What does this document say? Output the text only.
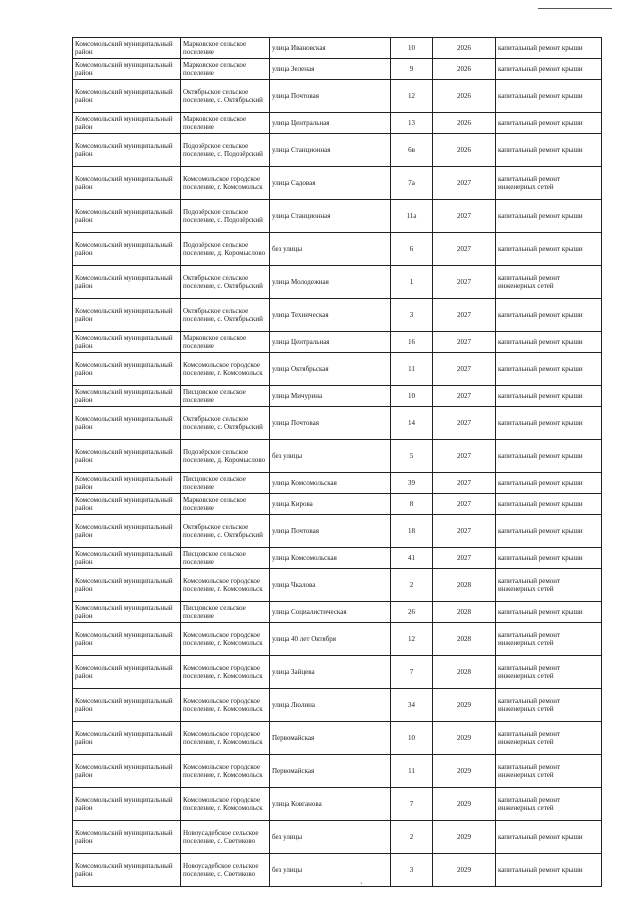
Комсомольский муниципальный район	Марковское сельское поселение	улица Ивановская	10	2026	капитальный ремонт крыши
Комсомольский муниципальный район	Марковское сельское поселение	улица Зеленая	9	2026	капитальный ремонт крыши
Комсомольский муниципальный район	Октябрьское сельское поселение, с. Октябрьский	улица Почтовая	12	2026	капитальный ремонт крыши
Комсомольский муниципальный район	Марковское сельское поселение	улица Центральная	13	2026	капитальный ремонт крыши
Комсомольский муниципальный район	Подозёрское сельское поселение, с. Подозёрский	улица Станционная	6в	2026	капитальный ремонт крыши
Комсомольский муниципальный район	Комсомольское городское поселение, г. Комсомольск	улица Садовая	7а	2027	капитальный ремонт инженерных сетей
Комсомольский муниципальный район	Подозёрское сельское поселение, с. Подозёрский	улица Станционная	11а	2027	капитальный ремонт крыши
Комсомольский муниципальный район	Подозёрское сельское поселение, д. Коромыслово	без улицы	6	2027	капитальный ремонт крыши
Комсомольский муниципальный район	Октябрьское сельское поселение, с. Октябрьский	улица Молодежная	1	2027	капитальный ремонт инженерных сетей
Комсомольский муниципальный район	Октябрьское сельское поселение, с. Октябрьский	улица Техническая	3	2027	капитальный ремонт крыши
Комсомольский муниципальный район	Марковское сельское поселение	улица Центральная	16	2027	капитальный ремонт крыши
Комсомольский муниципальный район	Комсомольское городское поселение, г. Комсомольск	улица Октябрьская	11	2027	капитальный ремонт крыши
Комсомольский муниципальный район	Писцовское сельское поселение	улица Мичурина	10	2027	капитальный ремонт крыши
Комсомольский муниципальный район	Октябрьское сельское поселение, с. Октябрьский	улица Почтовая	14	2027	капитальный ремонт крыши
Комсомольский муниципальный район	Подозёрское сельское поселение, д. Коромыслово	без улицы	5	2027	капитальный ремонт крыши
Комсомольский муниципальный район	Писцовское сельское поселение	улица Комсомольская	39	2027	капитальный ремонт крыши
Комсомольский муниципальный район	Марковское сельское поселение	улица Кирова	8	2027	капитальный ремонт крыши
Комсомольский муниципальный район	Октябрьское сельское поселение, с. Октябрьский	улица Почтовая	18	2027	капитальный ремонт крыши
Комсомольский муниципальный район	Писцовское сельское поселение	улица Комсомольская	41	2027	капитальный ремонт крыши
Комсомольский муниципальный район	Комсомольское городское поселение, г. Комсомольск	улица Чкалова	2	2028	капитальный ремонт инженерных сетей
Комсомольский муниципальный район	Писцовское сельское поселение	улица Социалистическая	26	2028	капитальный ремонт крыши
Комсомольский муниципальный район	Комсомольское городское поселение, г. Комсомольск	улица 40 лет Октября	12	2028	капитальный ремонт инженерных сетей
Комсомольский муниципальный район	Комсомольское городское поселение, г. Комсомольск	улица Зайцева	7	2028	капитальный ремонт инженерных сетей
Комсомольский муниципальный район	Комсомольское городское поселение, г. Комсомольск	улица Люлина	34	2029	капитальный ремонт инженерных сетей
Комсомольский муниципальный район	Комсомольское городское поселение, г. Комсомольск	Первомайская	10	2029	капитальный ремонт инженерных сетей
Комсомольский муниципальный район	Комсомольское городское поселение, г. Комсомольск	Первомайская	11	2029	капитальный ремонт инженерных сетей
Комсомольский муниципальный район	Комсомольское городское поселение, г. Комсомольск	улица Ковганова	7	2029	капитальный ремонт инженерных сетей
Комсомольский муниципальный район	Новоусадебское сельское поселение, с. Светиково	без улицы	2	2029	капитальный ремонт крыши
Комсомольский муниципальный район	Новоусадебское сельское поселение, с. Светиково	без улицы	3	2029	капитальный ремонт крыши
·
